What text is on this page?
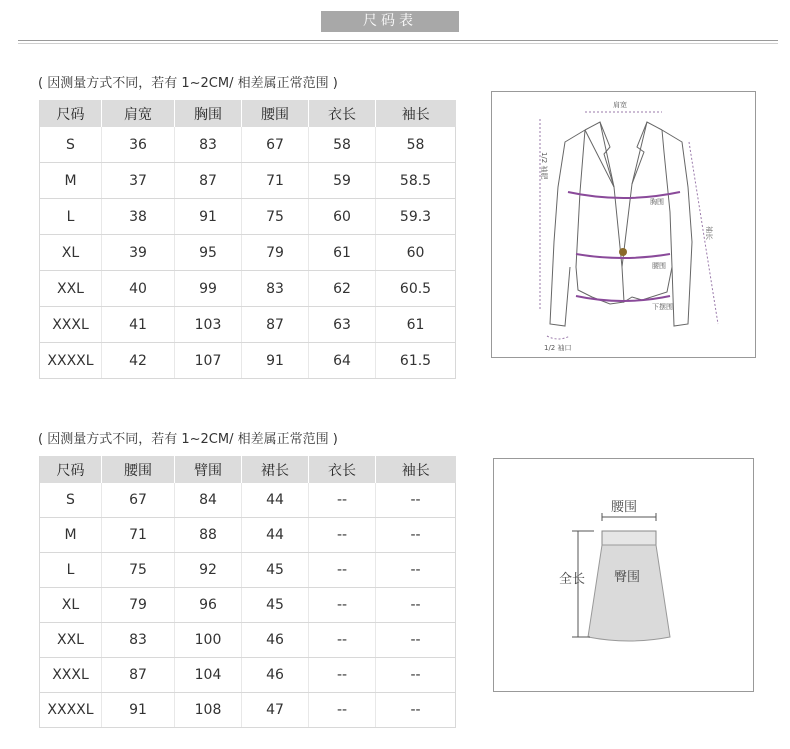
尺码表
( 因测量方式不同，若有 1~2CM/ 相差属正常范围 )
尺码	肩宽	胸围	腰围	衣长	袖长
S	36	83	67	58	58
M	37	87	71	59	58.5
L	38	91	75	60	59.3
XL	39	95	79	61	60
XXL	40	99	83	62	60.5
XXXL	41	103	87	63	61
XXXXL	42	107	91	64	61.5
肩宽
1/2 袖肥
胸围
袖长
腰围
下摆围
1/2 袖口
( 因测量方式不同，若有 1~2CM/ 相差属正常范围 )
尺码	腰围	臂围	裙长	衣长	袖长
S	67	84	44	--	--
M	71	88	44	--	--
L	75	92	45	--	--
XL	79	96	45	--	--
XXL	83	100	46	--	--
XXXL	87	104	46	--	--
XXXXL	91	108	47	--	--
腰围
全长 臀围
